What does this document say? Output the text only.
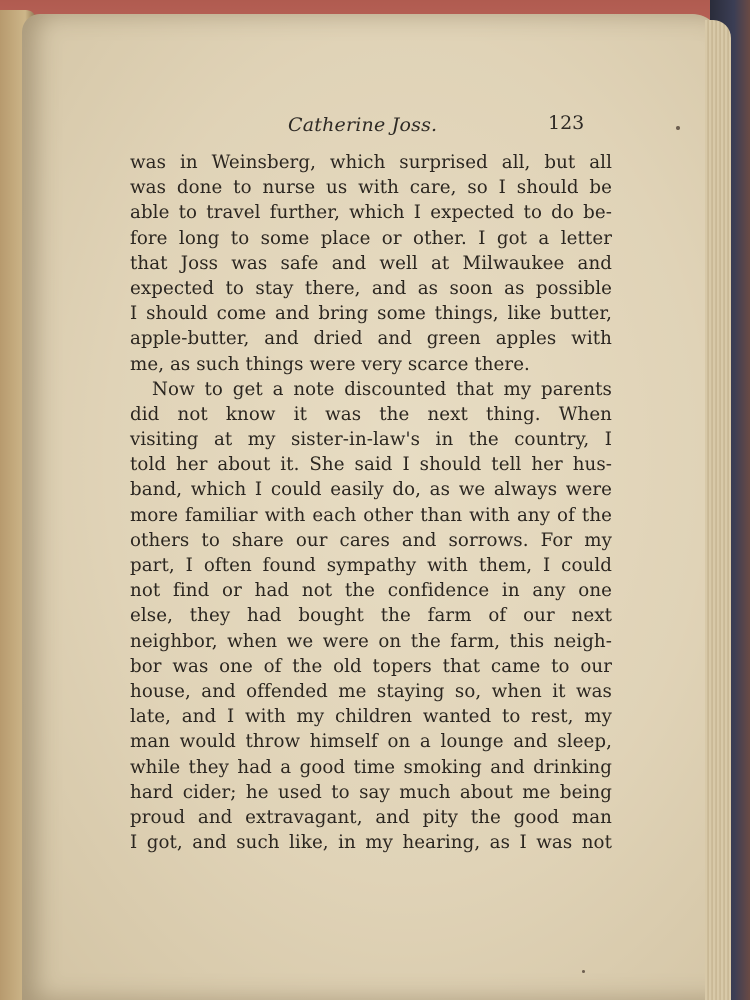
Catherine Joss.	123
was in Weinsberg, which surprised all, but all
was done to nurse us with care, so I should be
able to travel further, which I expected to do be-
fore long to some place or other. I got a letter
that Joss was safe and well at Milwaukee and
expected to stay there, and as soon as possible
I should come and bring some things, like butter,
apple-butter, and dried and green apples with
me, as such things were very scarce there.
Now to get a note discounted that my parents
did not know it was the next thing. When
visiting at my sister-in-law's in the country, I
told her about it. She said I should tell her hus-
band, which I could easily do, as we always were
more familiar with each other than with any of the
others to share our cares and sorrows. For my
part, I often found sympathy with them, I could
not find or had not the confidence in any one
else, they had bought the farm of our next
neighbor, when we were on the farm, this neigh-
bor was one of the old topers that came to our
house, and offended me staying so, when it was
late, and I with my children wanted to rest, my
man would throw himself on a lounge and sleep,
while they had a good time smoking and drinking
hard cider; he used to say much about me being
proud and extravagant, and pity the good man
I got, and such like, in my hearing, as I was not
